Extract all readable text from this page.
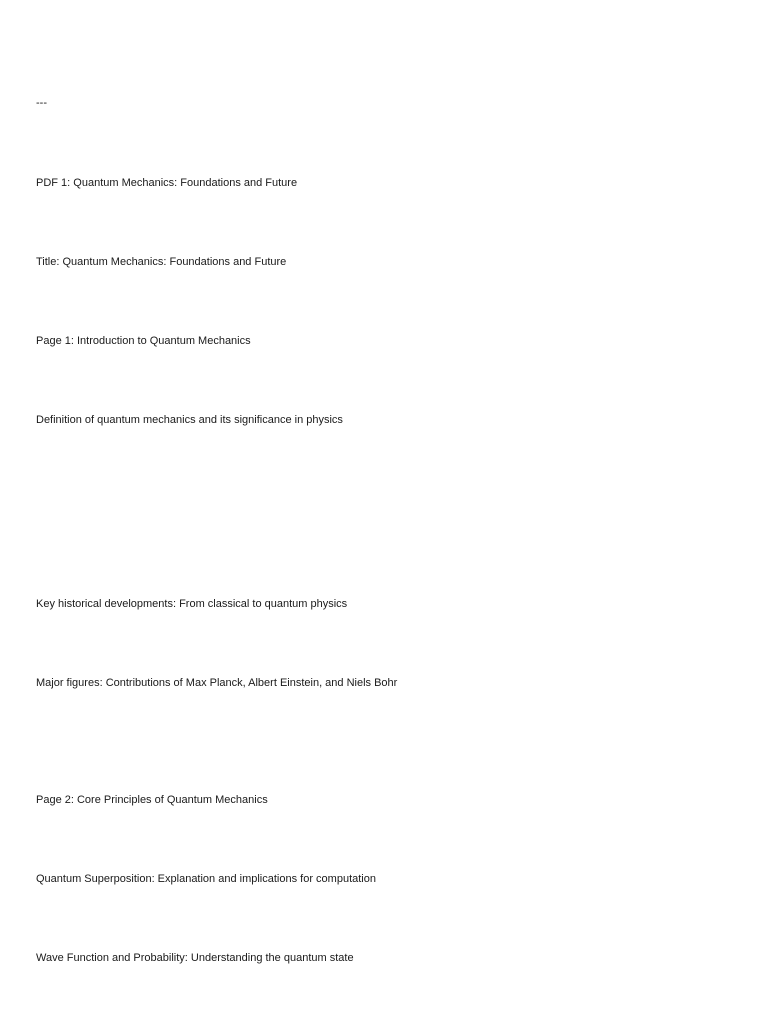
---
PDF 1: Quantum Mechanics: Foundations and Future
Title: Quantum Mechanics: Foundations and Future
Page 1: Introduction to Quantum Mechanics
Definition of quantum mechanics and its significance in physics
Key historical developments: From classical to quantum physics
Major figures: Contributions of Max Planck, Albert Einstein, and Niels Bohr
Page 2: Core Principles of Quantum Mechanics
Quantum Superposition: Explanation and implications for computation
Wave Function and Probability: Understanding the quantum state
